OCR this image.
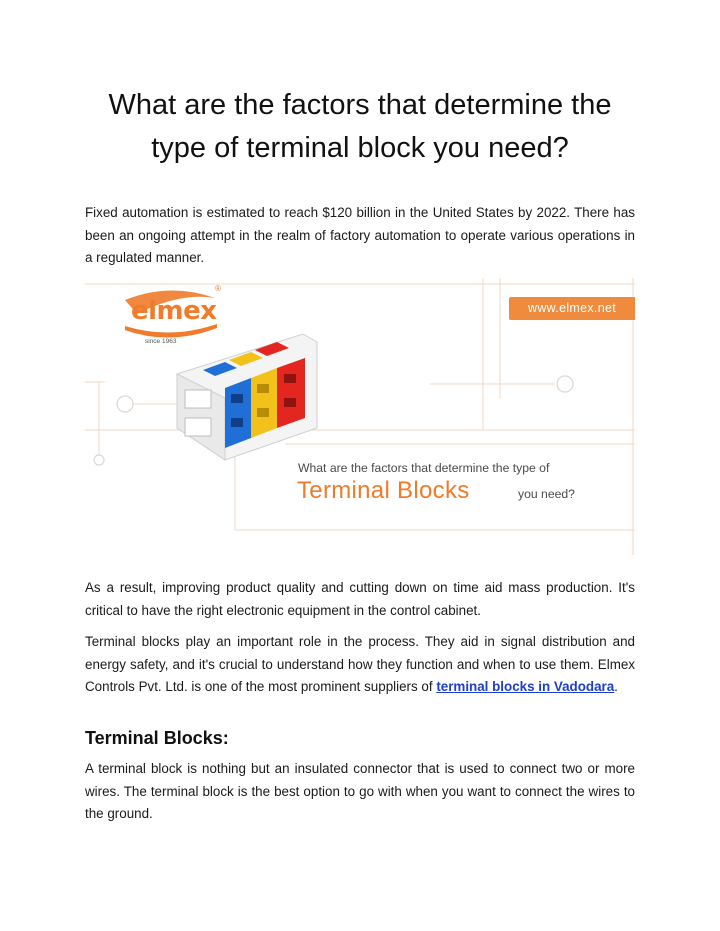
What are the factors that determine the
type of terminal block you need?

Fixed automation is estimated to reach $120 billion in the United States by 2022. There has been an ongoing attempt in the realm of factory automation to operate various operations in a regulated manner.

elmex
®
since 1963
www.elmex.net
What are the factors that determine the type of
Terminal Blocks	you need?

As a result, improving product quality and cutting down on time aid mass production. It's critical to have the right electronic equipment in the control cabinet.

Terminal blocks play an important role in the process. They aid in signal distribution and energy safety, and it's crucial to understand how they function and when to use them. Elmex Controls Pvt. Ltd. is one of the most prominent suppliers of terminal blocks in Vadodara.

Terminal Blocks:

A terminal block is nothing but an insulated connector that is used to connect two or more wires. The terminal block is the best option to go with when you want to connect the wires to the ground.
